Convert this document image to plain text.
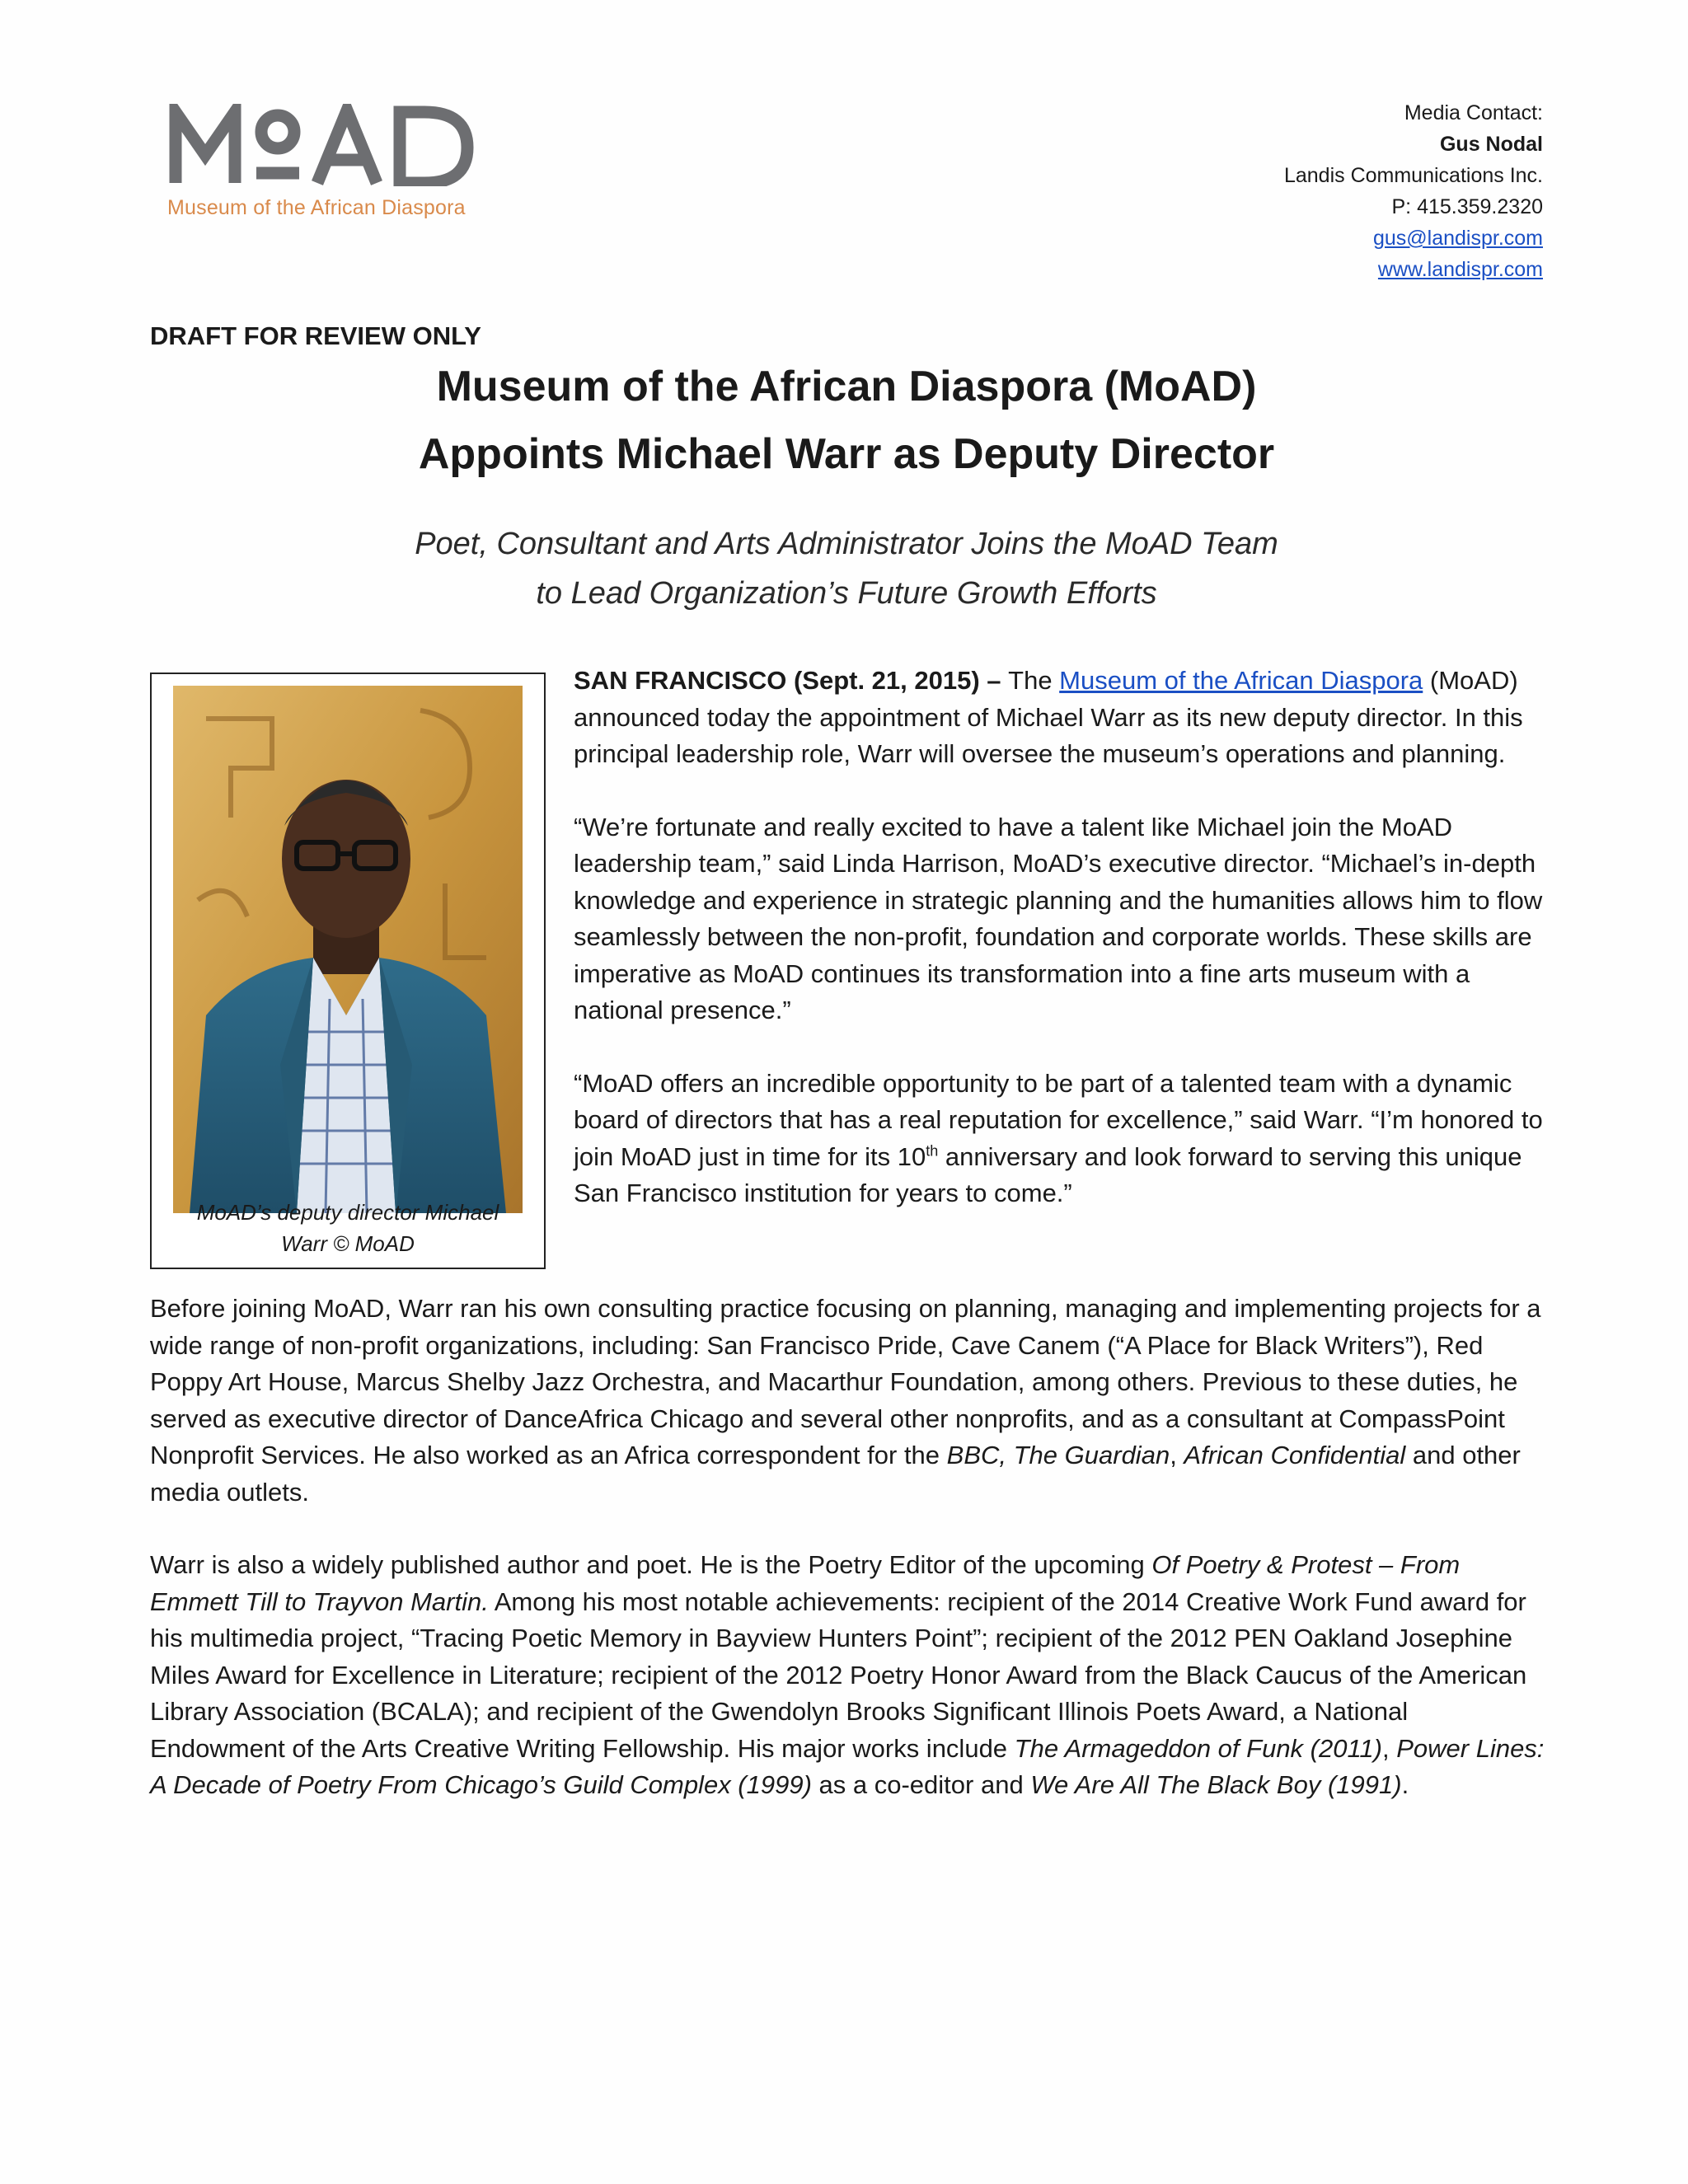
Museum of the African Diaspora
Media Contact:
Gus Nodal
Landis Communications Inc.
P: 415.359.2320
gus@landispr.com
www.landispr.com
DRAFT FOR REVIEW ONLY
Museum of the African Diaspora (MoAD)
Appoints Michael Warr as Deputy Director
Poet, Consultant and Arts Administrator Joins the MoAD Team
to Lead Organization’s Future Growth Efforts
MoAD’s deputy director Michael
Warr © MoAD

SAN FRANCISCO (Sept. 21, 2015) – The Museum of the African Diaspora (MoAD) announced today the appointment of Michael Warr as its new deputy director. In this principal leadership role, Warr will oversee the museum’s operations and planning.

“We’re fortunate and really excited to have a talent like Michael join the MoAD leadership team,” said Linda Harrison, MoAD’s executive director. “Michael’s in-depth knowledge and experience in strategic planning and the humanities allows him to flow seamlessly between the non-profit, foundation and corporate worlds. These skills are imperative as MoAD continues its transformation into a fine arts museum with a national presence.”

“MoAD offers an incredible opportunity to be part of a talented team with a dynamic board of directors that has a real reputation for excellence,” said Warr. “I’m honored to join MoAD just in time for its 10th anniversary and look forward to serving this unique San Francisco institution for years to come.”

Before joining MoAD, Warr ran his own consulting practice focusing on planning, managing and implementing projects for a wide range of non-profit organizations, including: San Francisco Pride, Cave Canem (“A Place for Black Writers”), Red Poppy Art House, Marcus Shelby Jazz Orchestra, and Macarthur Foundation, among others. Previous to these duties, he served as executive director of DanceAfrica Chicago and several other nonprofits, and as a consultant at CompassPoint Nonprofit Services. He also worked as an Africa correspondent for the BBC, The Guardian, African Confidential and other media outlets.

Warr is also a widely published author and poet. He is the Poetry Editor of the upcoming Of Poetry & Protest – From Emmett Till to Trayvon Martin. Among his most notable achievements: recipient of the 2014 Creative Work Fund award for his multimedia project, “Tracing Poetic Memory in Bayview Hunters Point”; recipient of the 2012 PEN Oakland Josephine Miles Award for Excellence in Literature; recipient of the 2012 Poetry Honor Award from the Black Caucus of the American Library Association (BCALA); and recipient of the Gwendolyn Brooks Significant Illinois Poets Award, a National Endowment of the Arts Creative Writing Fellowship. His major works include The Armageddon of Funk (2011), Power Lines: A Decade of Poetry From Chicago’s Guild Complex (1999) as a co-editor and We Are All The Black Boy (1991).
